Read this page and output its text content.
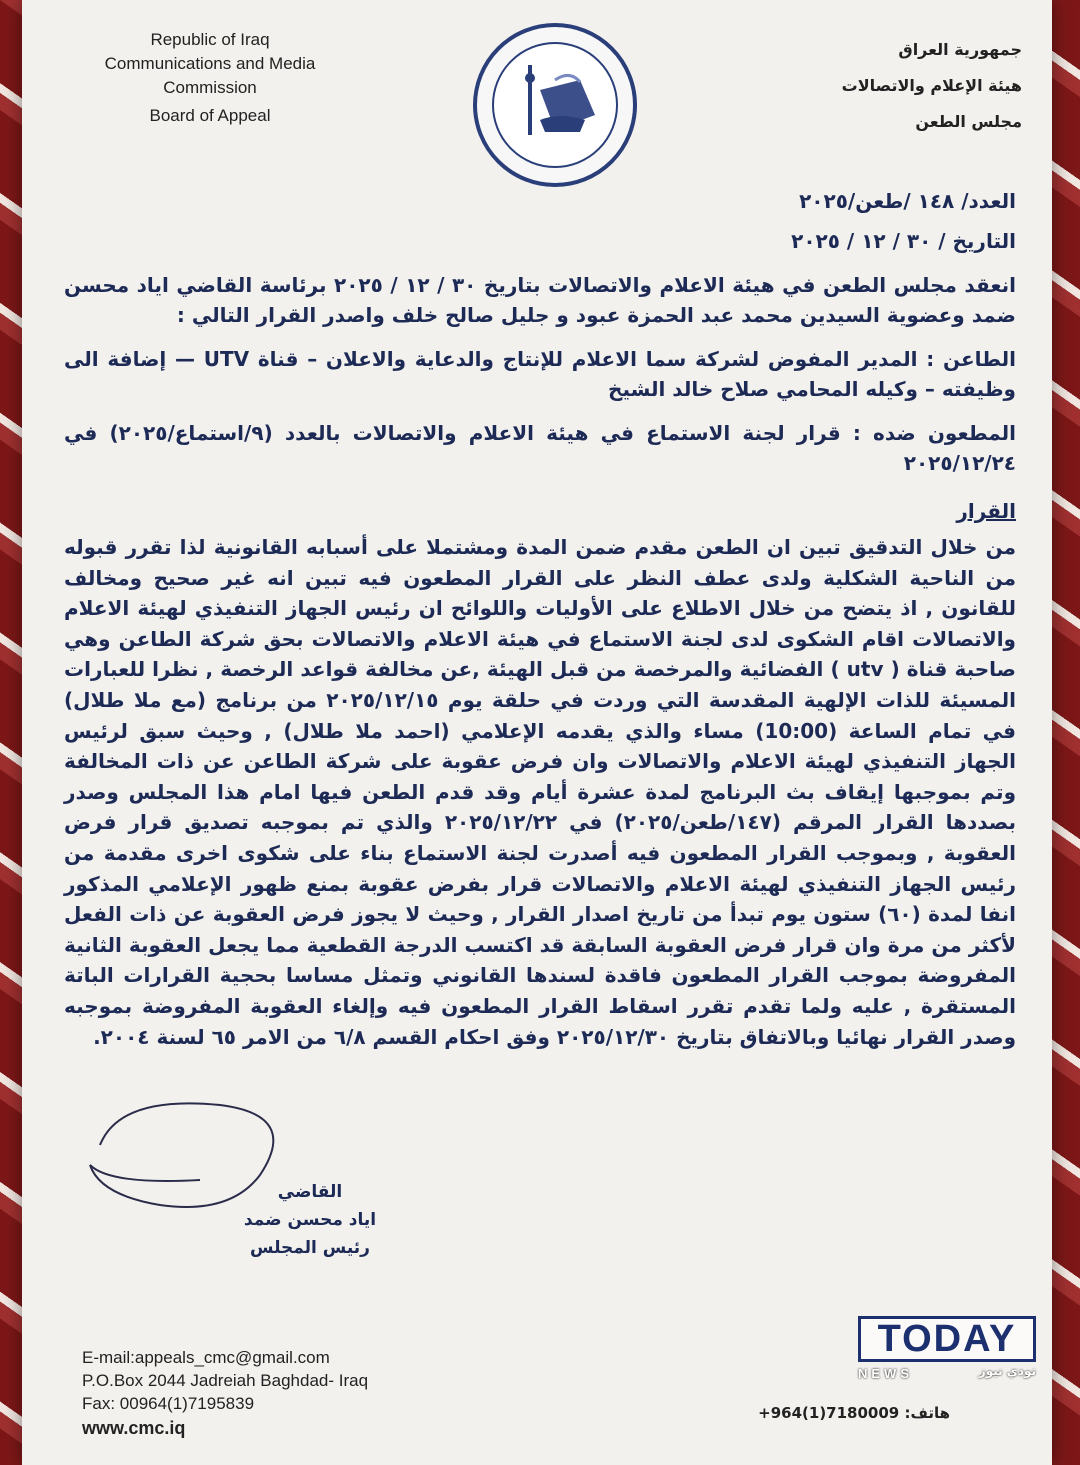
Republic of Iraq
Communications and Media
Commission
Board of Appeal
جمهورية العراق
هيئة الإعلام والاتصالات
مجلس الطعن
العدد/ ١٤٨ /طعن/٢٠٢٥
التاريخ / ٣٠ / ١٢ / ٢٠٢٥
انعقد مجلس الطعن في هيئة الاعلام والاتصالات بتاريخ ٣٠ / ١٢ / ٢٠٢٥ برئاسة القاضي اياد محسن ضمد وعضوية السيدين محمد عبد الحمزة عبود و جليل صالح خلف واصدر القرار التالي :
الطاعن : المدير المفوض لشركة سما الاعلام للإنتاج والدعاية والاعلان – قناة UTV — إضافة الى وظيفته – وكيله المحامي صلاح خالد الشيخ
المطعون ضده : قرار لجنة الاستماع في هيئة الاعلام والاتصالات بالعدد (٩/استماع/٢٠٢٥) في ٢٠٢٥/١٢/٢٤
القرار
من خلال التدقيق تبين ان الطعن مقدم ضمن المدة ومشتملا على أسبابه القانونية لذا تقرر قبوله من الناحية الشكلية ولدى عطف النظر على القرار المطعون فيه تبين انه غير صحيح ومخالف للقانون , اذ يتضح من خلال الاطلاع على الأوليات واللوائح ان رئيس الجهاز التنفيذي لهيئة الاعلام والاتصالات اقام الشكوى لدى لجنة الاستماع في هيئة الاعلام والاتصالات بحق شركة الطاعن وهي صاحبة قناة ( utv ) الفضائية والمرخصة من قبل الهيئة ,عن مخالفة قواعد الرخصة , نظرا للعبارات المسيئة للذات الإلهية المقدسة التي وردت في حلقة يوم ٢٠٢٥/١٢/١٥ من برنامج (مع ملا طلال) في تمام الساعة (10:00) مساء والذي يقدمه الإعلامي (احمد ملا طلال) , وحيث سبق لرئيس الجهاز التنفيذي لهيئة الاعلام والاتصالات وان فرض عقوبة على شركة الطاعن عن ذات المخالفة وتم بموجبها إيقاف بث البرنامج لمدة عشرة أيام وقد قدم الطعن فيها امام هذا المجلس وصدر بصددها القرار المرقم (١٤٧/طعن/٢٠٢٥) في ٢٠٢٥/١٢/٢٢ والذي تم بموجبه تصديق قرار فرض العقوبة , وبموجب القرار المطعون فيه أصدرت لجنة الاستماع بناء على شكوى اخرى مقدمة من رئيس الجهاز التنفيذي لهيئة الاعلام والاتصالات قرار بفرض عقوبة بمنع ظهور الإعلامي المذكور انفا لمدة (٦٠) ستون يوم تبدأ من تاريخ اصدار القرار , وحيث لا يجوز فرض العقوبة عن ذات الفعل لأكثر من مرة وان قرار فرض العقوبة السابقة قد اكتسب الدرجة القطعية مما يجعل العقوبة الثانية المفروضة بموجب القرار المطعون فاقدة لسندها القانوني وتمثل مساسا بحجية القرارات الباتة المستقرة , عليه ولما تقدم تقرر اسقاط القرار المطعون فيه وإلغاء العقوبة المفروضة بموجبه وصدر القرار نهائيا وبالاتفاق بتاريخ ٢٠٢٥/١٢/٣٠ وفق احكام القسم ٦/٨ من الامر ٦٥ لسنة ٢٠٠٤.
القاضي
اياد محسن ضمد
رئيس المجلس
E-mail:appeals_cmc@gmail.com
P.O.Box 2044 Jadreiah Baghdad- Iraq
Fax: 00964(1)7195839
www.cmc.iq
+964(1)7180009 :هاتف
TODAY
NEWS	تودي نيوز
